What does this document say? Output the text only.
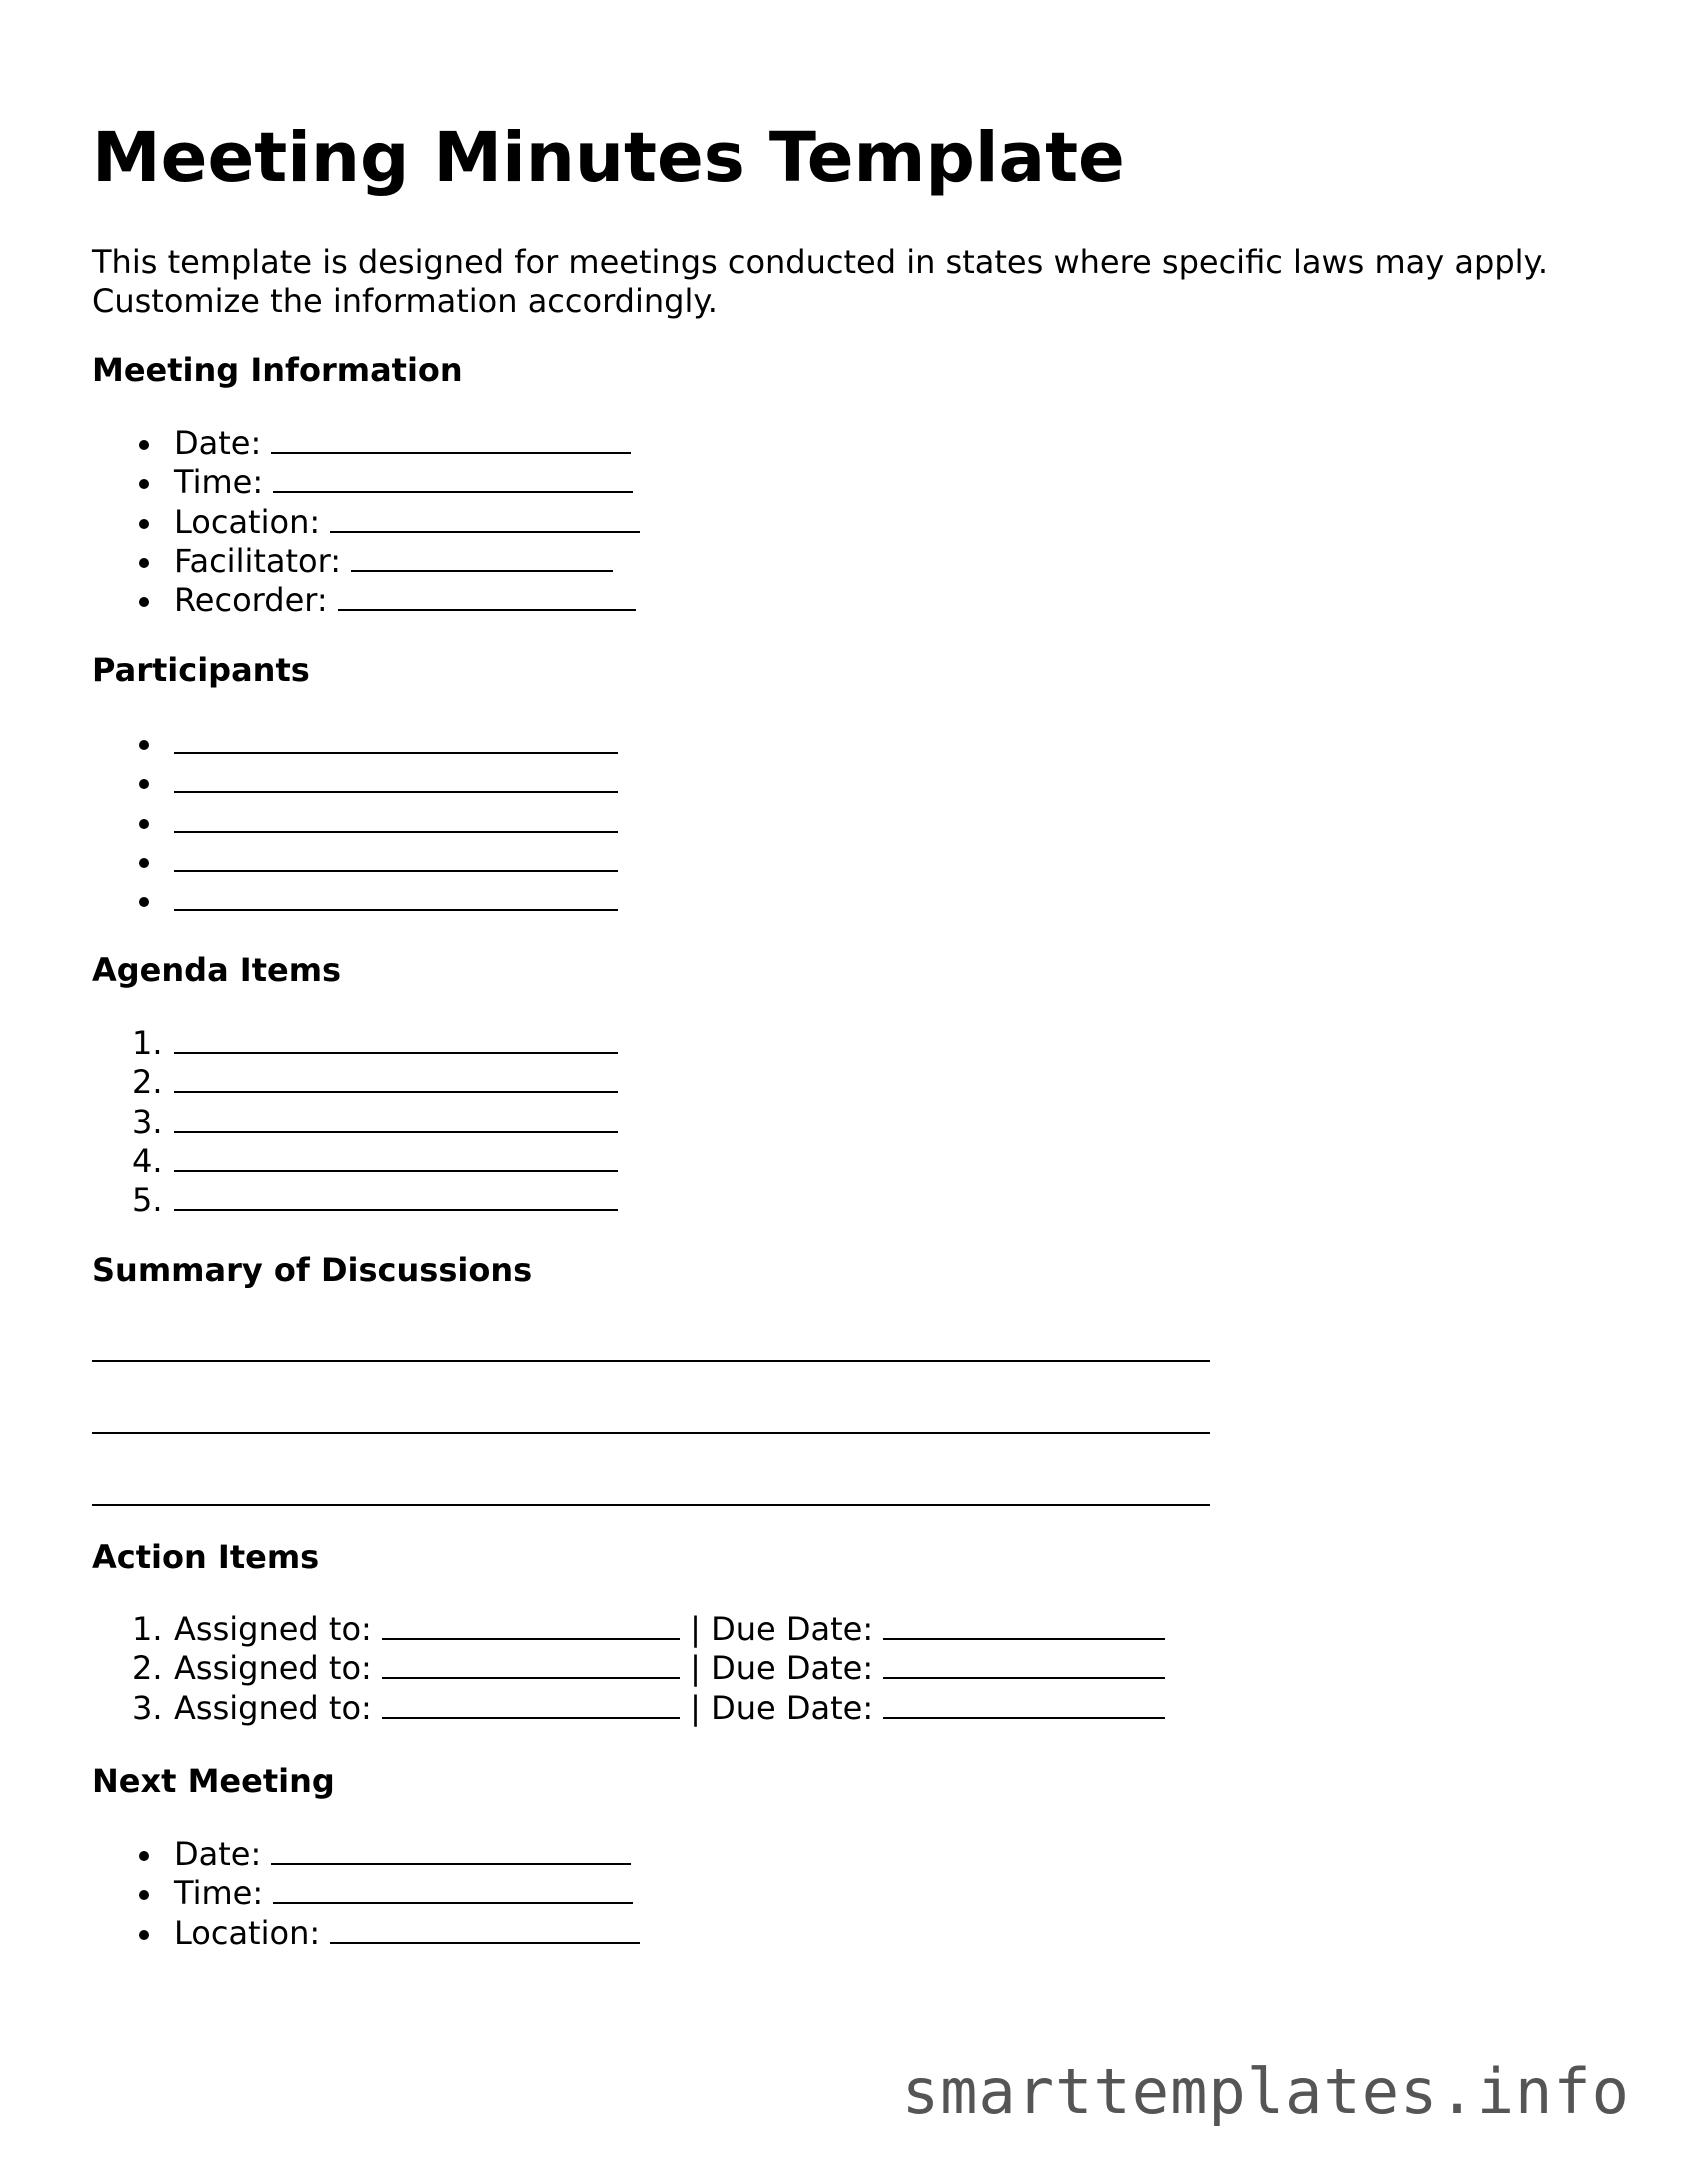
Meeting Minutes Template

This template is designed for meetings conducted in states where specific laws may apply.
Customize the information accordingly.

Meeting Information
Date:
Time:
Location:
Facilitator:
Recorder:
Participants
Agenda Items
1.
2.
3.
4.
5.
Summary of Discussions
Action Items
1. Assigned to:	| Due Date:
2. Assigned to:	| Due Date:
3. Assigned to:	| Due Date:
Next Meeting
Date:
Time:
Location:
smarttemplates.info
